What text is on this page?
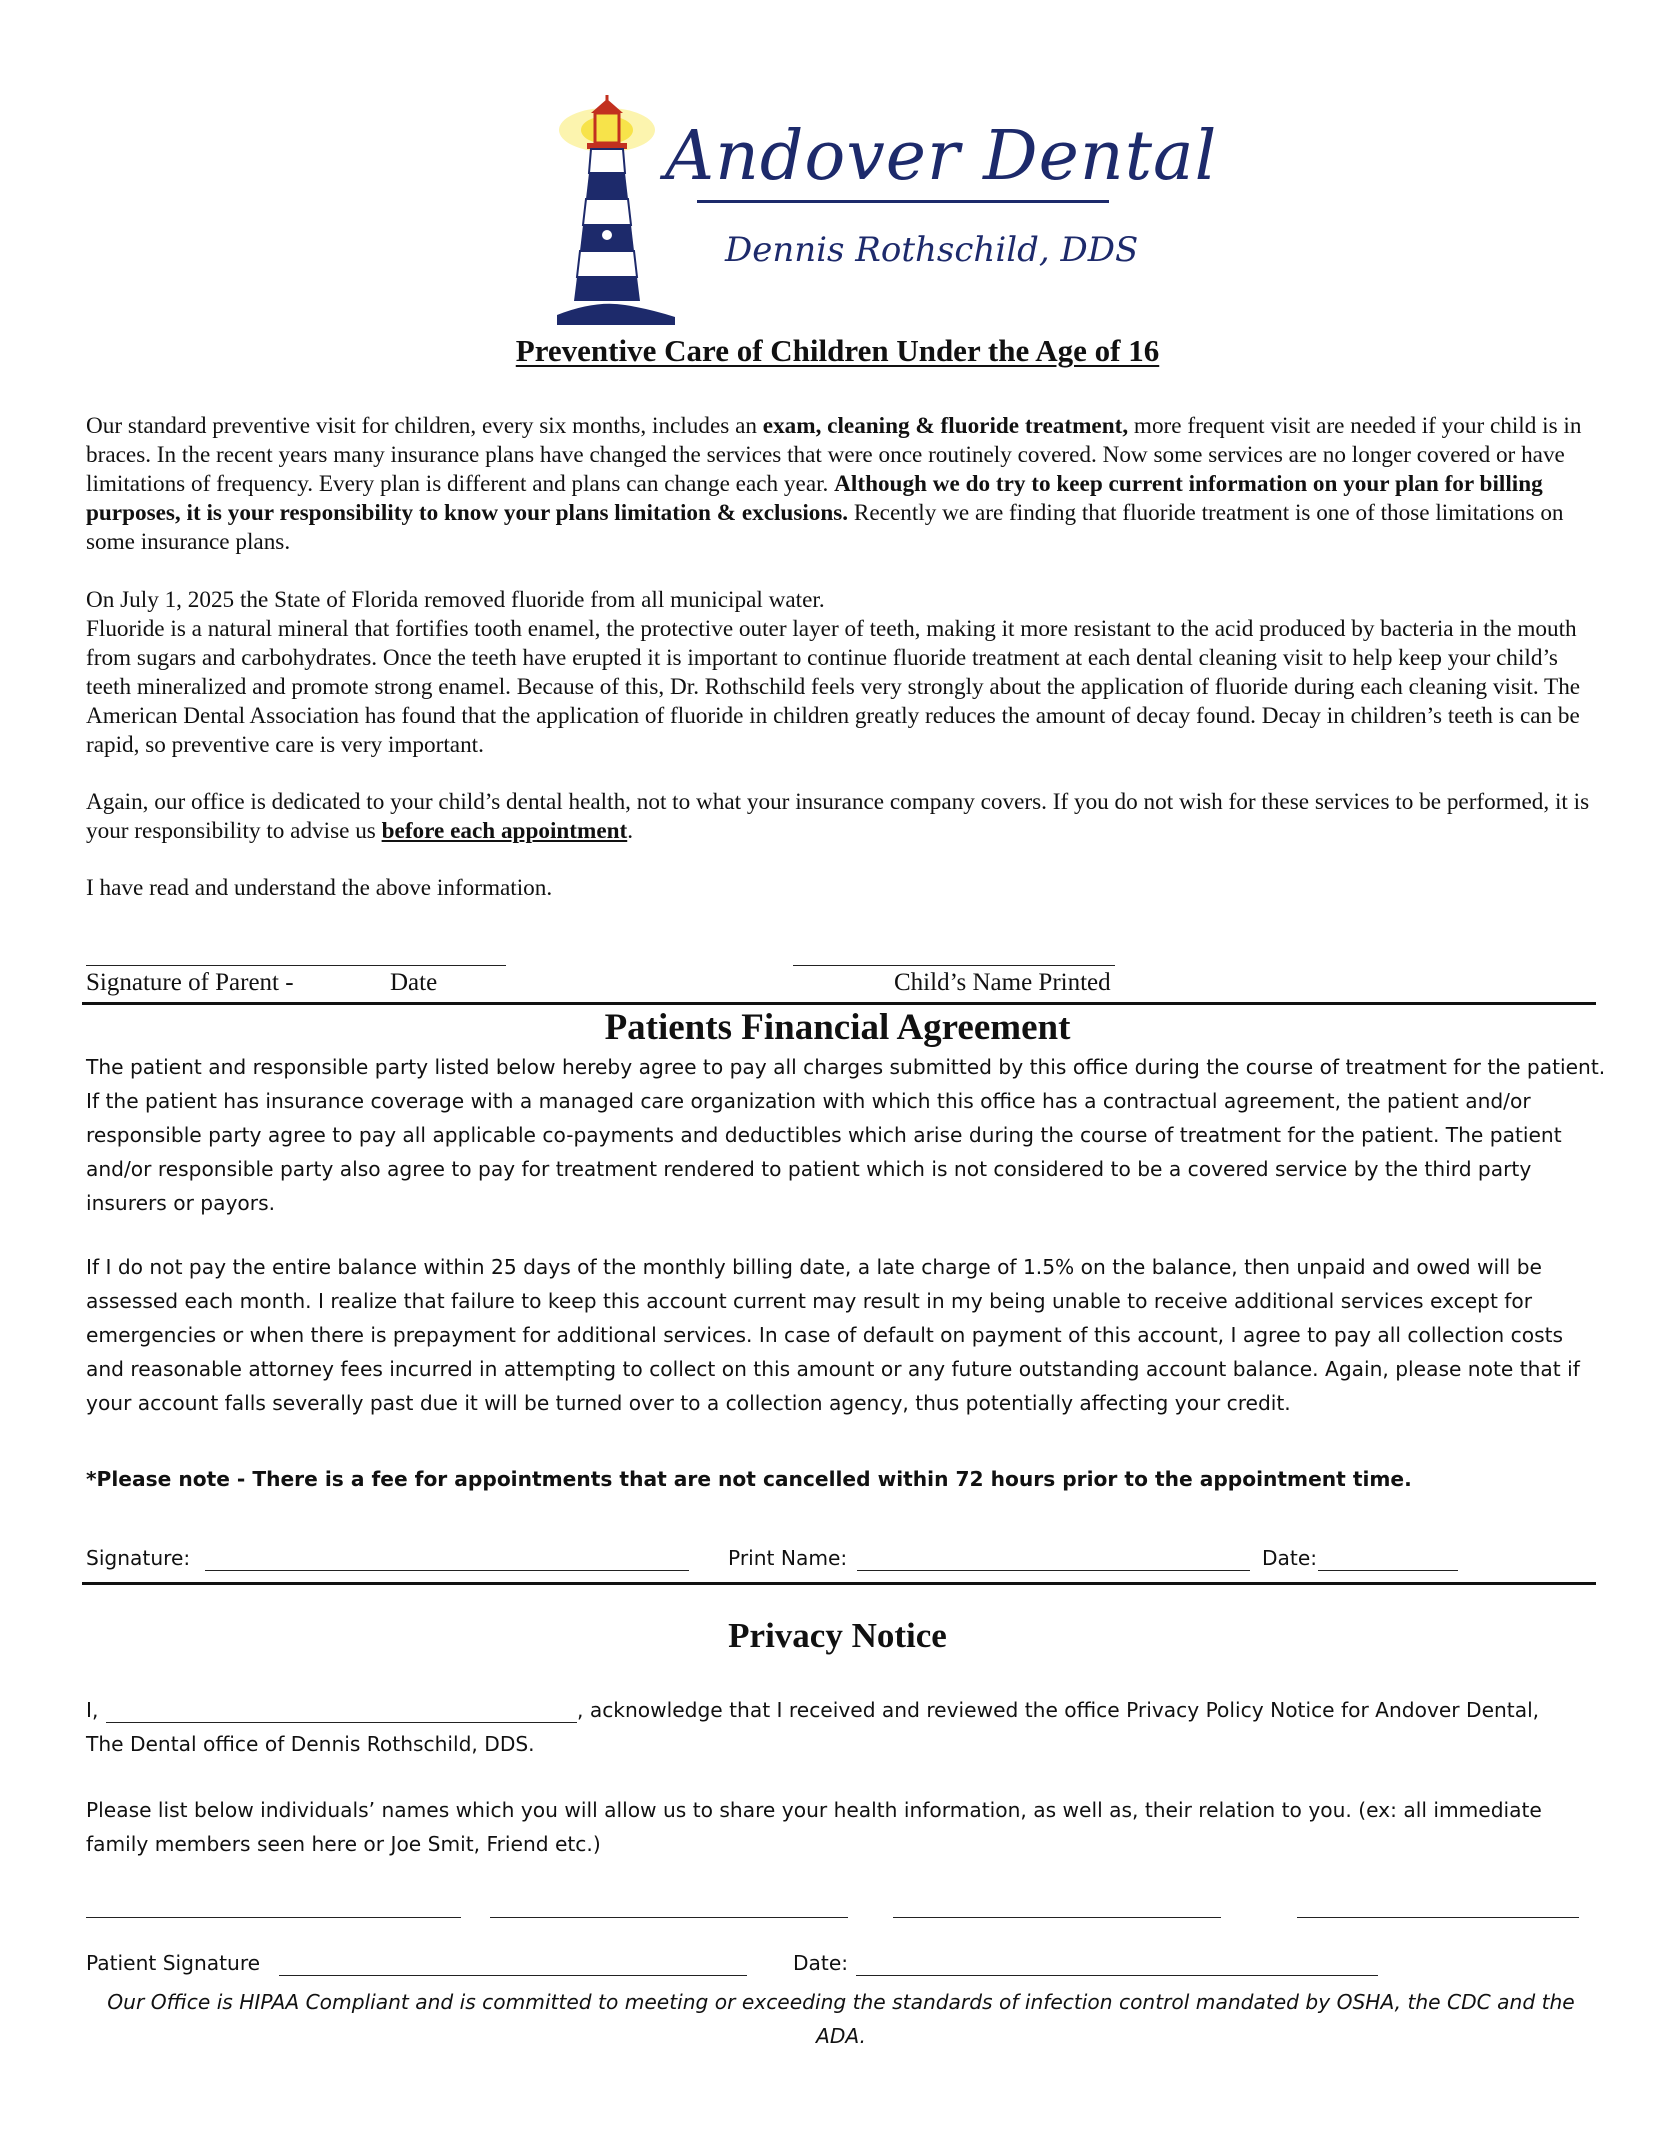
Andover Dental
Dennis Rothschild, DDS
Preventive Care of Children Under the Age of 16

Our standard preventive visit for children, every six months, includes an exam, cleaning & fluoride treatment, more frequent visit are needed if your child is in braces. In the recent years many insurance plans have changed the services that were once routinely covered. Now some services are no longer covered or have limitations of frequency. Every plan is different and plans can change each year. Although we do try to keep current information on your plan for billing purposes, it is your responsibility to know your plans limitation & exclusions. Recently we are finding that fluoride treatment is one of those limitations on some insurance plans.

On July 1, 2025 the State of Florida removed fluoride from all municipal water.

Fluoride is a natural mineral that fortifies tooth enamel, the protective outer layer of teeth, making it more resistant to the acid produced by bacteria in the mouth from sugars and carbohydrates. Once the teeth have erupted it is important to continue fluoride treatment at each dental cleaning visit to help keep your child’s teeth mineralized and promote strong enamel. Because of this, Dr. Rothschild feels very strongly about the application of fluoride during each cleaning visit. The American Dental Association has found that the application of fluoride in children greatly reduces the amount of decay found. Decay in children’s teeth is can be rapid, so preventive care is very important.

Again, our office is dedicated to your child’s dental health, not to what your insurance company covers. If you do not wish for these services to be performed, it is your responsibility to advise us before each appointment.

I have read and understand the above information.

Signature of Parent -	Date	Child’s Name Printed
Patients Financial Agreement

The patient and responsible party listed below hereby agree to pay all charges submitted by this office during the course of treatment for the patient. If the patient has insurance coverage with a managed care organization with which this office has a contractual agreement, the patient and/or responsible party agree to pay all applicable co-payments and deductibles which arise during the course of treatment for the patient. The patient and/or responsible party also agree to pay for treatment rendered to patient which is not considered to be a covered service by the third party insurers or payors.

If I do not pay the entire balance within 25 days of the monthly billing date, a late charge of 1.5% on the balance, then unpaid and owed will be assessed each month. I realize that failure to keep this account current may result in my being unable to receive additional services except for emergencies or when there is prepayment for additional services. In case of default on payment of this account, I agree to pay all collection costs and reasonable attorney fees incurred in attempting to collect on this amount or any future outstanding account balance. Again, please note that if your account falls severally past due it will be turned over to a collection agency, thus potentially affecting your credit.

*Please note - There is a fee for appointments that are not cancelled within 72 hours prior to the appointment time.
Signature:	Print Name:	Date:
Privacy Notice
I,	, acknowledge that I received and reviewed the office Privacy Policy Notice for Andover Dental,
The Dental office of Dennis Rothschild, DDS.

Please list below individuals’ names which you will allow us to share your health information, as well as, their relation to you. (ex: all immediate family members seen here or Joe Smit, Friend etc.)

Patient Signature	Date:
Our Office is HIPAA Compliant and is committed to meeting or exceeding the standards of infection control mandated by OSHA, the CDC and the ADA.
